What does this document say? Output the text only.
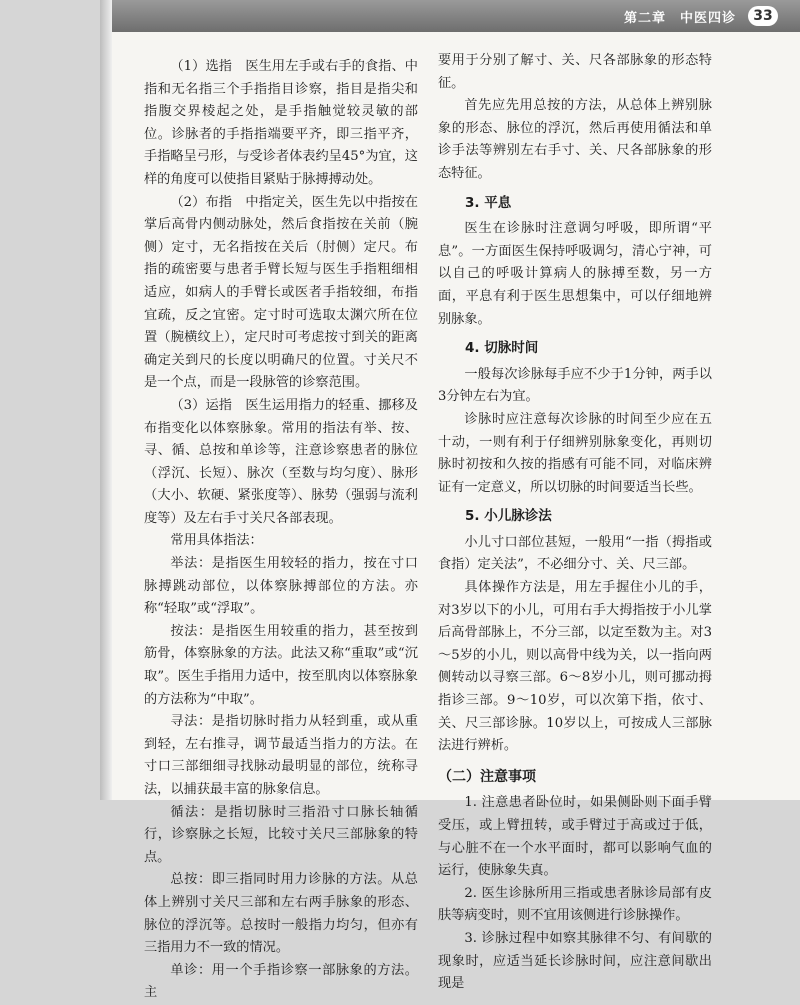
第二章　中医四诊	33

（1）选指　医生用左手或右手的食指、中指和无名指三个手指指目诊察，指目是指尖和指腹交界棱起之处，是手指触觉较灵敏的部位。诊脉者的手指指端要平齐，即三指平齐，手指略呈弓形，与受诊者体表约呈45°为宜，这样的角度可以使指目紧贴于脉搏搏动处。

（2）布指　中指定关，医生先以中指按在掌后高骨内侧动脉处，然后食指按在关前（腕侧）定寸，无名指按在关后（肘侧）定尺。布指的疏密要与患者手臂长短与医生手指粗细相适应，如病人的手臂长或医者手指较细，布指宜疏，反之宜密。定寸时可选取太渊穴所在位置（腕横纹上），定尺时可考虑按寸到关的距离确定关到尺的长度以明确尺的位置。寸关尺不是一个点，而是一段脉管的诊察范围。

（3）运指　医生运用指力的轻重、挪移及布指变化以体察脉象。常用的指法有举、按、寻、循、总按和单诊等，注意诊察患者的脉位（浮沉、长短）、脉次（至数与均匀度）、脉形（大小、软硬、紧张度等）、脉势（强弱与流利度等）及左右手寸关尺各部表现。

常用具体指法：

举法：是指医生用较轻的指力，按在寸口脉搏跳动部位，以体察脉搏部位的方法。亦称“轻取”或“浮取”。

按法：是指医生用较重的指力，甚至按到筋骨，体察脉象的方法。此法又称“重取”或“沉取”。医生手指用力适中，按至肌肉以体察脉象的方法称为“中取”。

寻法：是指切脉时指力从轻到重，或从重到轻，左右推寻，调节最适当指力的方法。在寸口三部细细寻找脉动最明显的部位，统称寻法，以捕获最丰富的脉象信息。

循法：是指切脉时三指沿寸口脉长轴循行，诊察脉之长短，比较寸关尺三部脉象的特点。

总按：即三指同时用力诊脉的方法。从总体上辨别寸关尺三部和左右两手脉象的形态、脉位的浮沉等。总按时一般指力均匀，但亦有三指用力不一致的情况。

单诊：用一个手指诊察一部脉象的方法。主

要用于分别了解寸、关、尺各部脉象的形态特征。

首先应先用总按的方法，从总体上辨别脉象的形态、脉位的浮沉，然后再使用循法和单诊手法等辨别左右手寸、关、尺各部脉象的形态特征。

3. 平息

医生在诊脉时注意调匀呼吸，即所谓“平息”。一方面医生保持呼吸调匀，清心宁神，可以自己的呼吸计算病人的脉搏至数，另一方面，平息有利于医生思想集中，可以仔细地辨别脉象。

4. 切脉时间

一般每次诊脉每手应不少于1分钟，两手以3分钟左右为宜。

诊脉时应注意每次诊脉的时间至少应在五十动，一则有利于仔细辨别脉象变化，再则切脉时初按和久按的指感有可能不同，对临床辨证有一定意义，所以切脉的时间要适当长些。

5. 小儿脉诊法

小儿寸口部位甚短，一般用“一指（拇指或食指）定关法”，不必细分寸、关、尺三部。

具体操作方法是，用左手握住小儿的手，对3岁以下的小儿，可用右手大拇指按于小儿掌后高骨部脉上，不分三部，以定至数为主。对3～5岁的小儿，则以高骨中线为关，以一指向两侧转动以寻察三部。6～8岁小儿，则可挪动拇指诊三部。9～10岁，可以次第下指，依寸、关、尺三部诊脉。10岁以上，可按成人三部脉法进行辨析。

（二）注意事项

1. 注意患者卧位时，如果侧卧则下面手臂受压，或上臂扭转，或手臂过于高或过于低，与心脏不在一个水平面时，都可以影响气血的运行，使脉象失真。

2. 医生诊脉所用三指或患者脉诊局部有皮肤等病变时，则不宜用该侧进行诊脉操作。

3. 诊脉过程中如察其脉律不匀、有间歇的现象时，应适当延长诊脉时间，应注意间歇出现是
